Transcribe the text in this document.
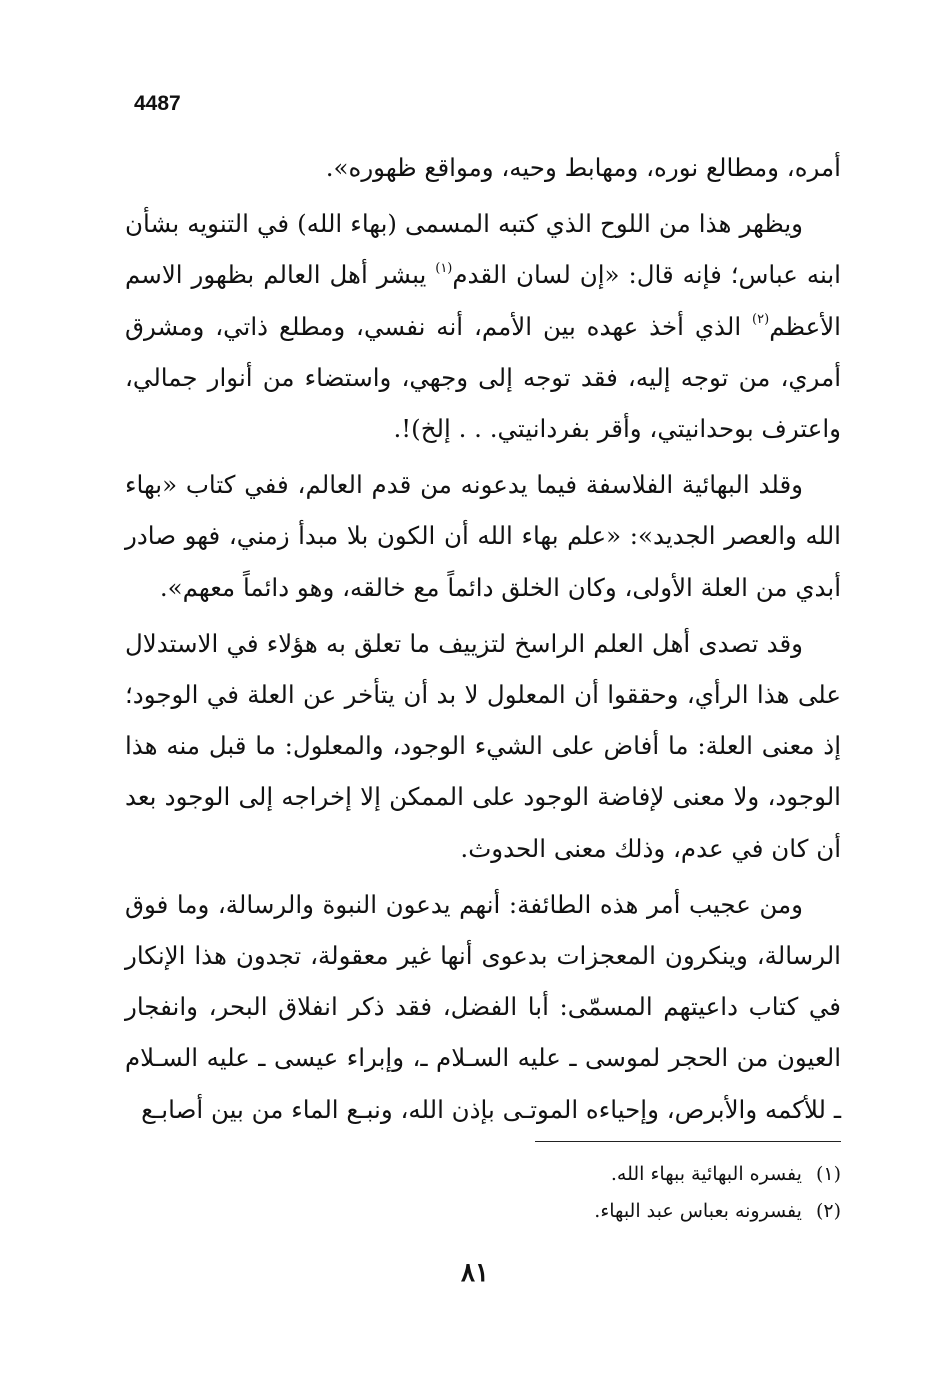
4487

أمره، ومطالع نوره، ومهابط وحيه، ومواقع ظهوره».

ويظهر هذا من اللوح الذي كتبه المسمى (بهاء الله) في التنويه بشأن ابنه عباس؛ فإنه قال: «إن لسان القدم$^{(١)}$ يبشر أهل العالم بظهور الاسم الأعظم$^{(٢)}$ الذي أخذ عهده بين الأمم، أنه نفسي، ومطلع ذاتي، ومشرق أمري، من توجه إليه، فقد توجه إلى وجهي، واستضاء من أنوار جمالي، واعترف بوحدانيتي، وأقر بفردانيتي. . . إلخ)!.

وقلد البهائية الفلاسفة فيما يدعونه من قدم العالم، ففي كتاب «بهاء الله والعصر الجديد»: «علم بهاء الله أن الكون بلا مبدأ زمني، فهو صادر أبدي من العلة الأولى، وكان الخلق دائماً مع خالقه، وهو دائماً معهم».

وقد تصدى أهل العلم الراسخ لتزييف ما تعلق به هؤلاء في الاستدلال على هذا الرأي، وحققوا أن المعلول لا بد أن يتأخر عن العلة في الوجود؛ إذ معنى العلة: ما أفاض على الشيء الوجود، والمعلول: ما قبل منه هذا الوجود، ولا معنى لإفاضة الوجود على الممكن إلا إخراجه إلى الوجود بعد أن كان في عدم، وذلك معنى الحدوث.

ومن عجيب أمر هذه الطائفة: أنهم يدعون النبوة والرسالة، وما فوق الرسالة، وينكرون المعجزات بدعوى أنها غير معقولة، تجدون هذا الإنكار في كتاب داعيتهم المسمّى: أبا الفضل، فقد ذكر انفلاق البحر، وانفجار العيون من الحجر لموسى ـ عليه السـلام ـ، وإبراء عيسى ـ عليه السـلام ـ للأكمه والأبرص، وإحياءه الموتـى بإذن الله، ونبـع الماء من بين أصابـع

(١)يفسره البهائية ببهاء الله.
(٢)يفسرونه بعباس عبد البهاء.
٨١
